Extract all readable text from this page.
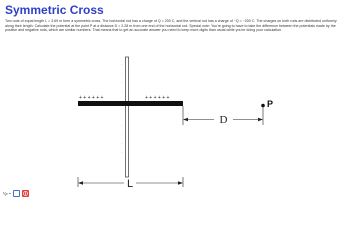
Symmetric Cross

Two rods of equal length L = 3.69 m form a symmetric cross. The horizontal rod has a charge of Q = 200 C, and the vertical rod has a charge of −Q = −200 C. The charges on both rods are distributed uniformly along their length. Calculate the potential at the point P at a distance D = 2.28 m from one end of the horizontal rod. Special note: You're going to have to take the difference between the potentials made by the positive and negative rods, which are similar numbers. That means that to get an accurate answer you need to keep more digits than usual while you're doing your calculation.

-
-
-
-
-
-
-
-
+ + + + + +	+ + + + + +
D
P
L
Vp =
